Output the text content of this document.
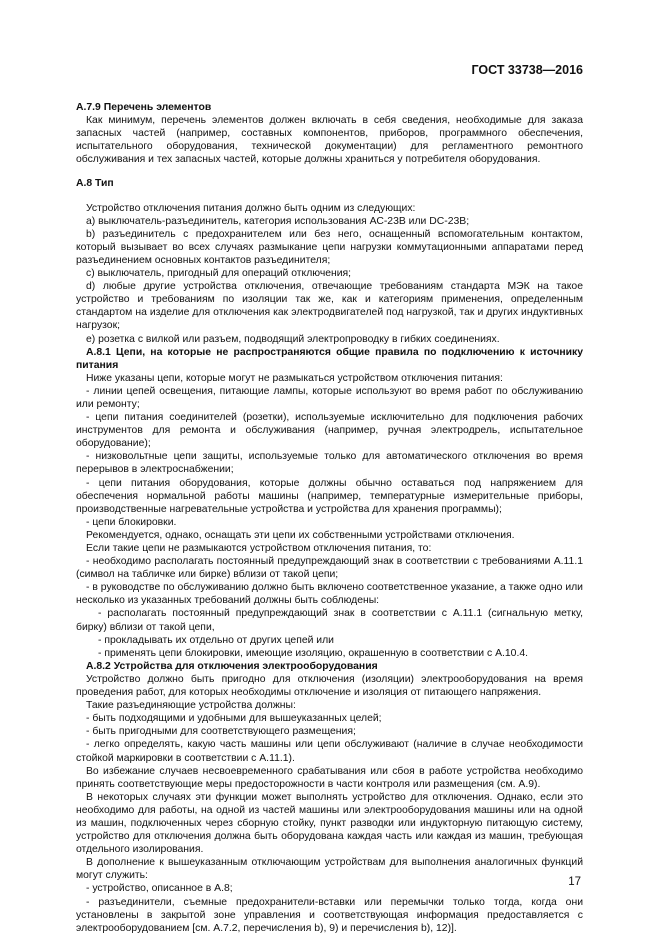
ГОСТ 33738—2016
А.7.9 Перечень элементов

Как минимум, перечень элементов должен включать в себя сведения, необходимые для заказа запасных частей (например, составных компонентов, приборов, программного обеспечения, испытательного оборудования, технической документации) для регламентного ремонтного обслуживания и тех запасных частей, которые должны храниться у потребителя оборудования.

А.8 Тип

Устройство отключения питания должно быть одним из следующих:

a) выключатель-разъединитель, категория использования АС-23В или DC-23В;

b) разъединитель с предохранителем или без него, оснащенный вспомогательным контактом, который вызывает во всех случаях размыкание цепи нагрузки коммутационными аппаратами перед разъединением основных контактов разъединителя;

c) выключатель, пригодный для операций отключения;

d) любые другие устройства отключения, отвечающие требованиям стандарта МЭК на такое устройство и требованиям по изоляции так же, как и категориям применения, определенным стандартом на изделие для отключения как электродвигателей под нагрузкой, так и других индуктивных нагрузок;

e) розетка с вилкой или разъем, подводящий электропроводку в гибких соединениях.

А.8.1 Цепи, на которые не распространяются общие правила по подключению к источнику питания

Ниже указаны цепи, которые могут не размыкаться устройством отключения питания:

- линии цепей освещения, питающие лампы, которые используют во время работ по обслуживанию или ремонту;

- цепи питания соединителей (розетки), используемые исключительно для подключения рабочих инструментов для ремонта и обслуживания (например, ручная электродрель, испытательное оборудование);

- низковольтные цепи защиты, используемые только для автоматического отключения во время перерывов в электроснабжении;

- цепи питания оборудования, которые должны обычно оставаться под напряжением для обеспечения нормальной работы машины (например, температурные измерительные приборы, производственные нагревательные устройства и устройства для хранения программы);

- цепи блокировки.

Рекомендуется, однако, оснащать эти цепи их собственными устройствами отключения.

Если такие цепи не размыкаются устройством отключения питания, то:

- необходимо располагать постоянный предупреждающий знак в соответствии с требованиями А.11.1 (символ на табличке или бирке) вблизи от такой цепи;

- в руководстве по обслуживанию должно быть включено соответственное указание, а также одно или несколько из указанных требований должны быть соблюдены:

- располагать постоянный предупреждающий знак в соответствии с А.11.1 (сигнальную метку, бирку) вблизи от такой цепи,

- прокладывать их отдельно от других цепей или

- применять цепи блокировки, имеющие изоляцию, окрашенную в соответствии с А.10.4.

А.8.2 Устройства для отключения электрооборудования

Устройство должно быть пригодно для отключения (изоляции) электрооборудования на время проведения работ, для которых необходимы отключение и изоляция от питающего напряжения.

Такие разъединяющие устройства должны:

- быть подходящими и удобными для вышеуказанных целей;

- быть пригодными для соответствующего размещения;

- легко определять, какую часть машины или цепи обслуживают (наличие в случае необходимости стойкой маркировки в соответствии с А.11.1).

Во избежание случаев несвоевременного срабатывания или сбоя в работе устройства необходимо принять соответствующие меры предосторожности в части контроля или размещения (см. А.9).

В некоторых случаях эти функции может выполнять устройство для отключения. Однако, если это необходимо для работы, на одной из частей машины или электрооборудования машины или на одной из машин, подключенных через сборную стойку, пункт разводки или индукторную питающую систему, устройство для отключения должна быть оборудована каждая часть или каждая из машин, требующая отдельного изолирования.

В дополнение к вышеуказанным отключающим устройствам для выполнения аналогичных функций могут служить:

- устройство, описанное в А.8;

- разъединители, съемные предохранители-вставки или перемычки только тогда, когда они установлены в закрытой зоне управления и соответствующая информация предоставляется с электрооборудованием [см. А.7.2, перечисления b), 9) и перечисления b), 12)].

17
